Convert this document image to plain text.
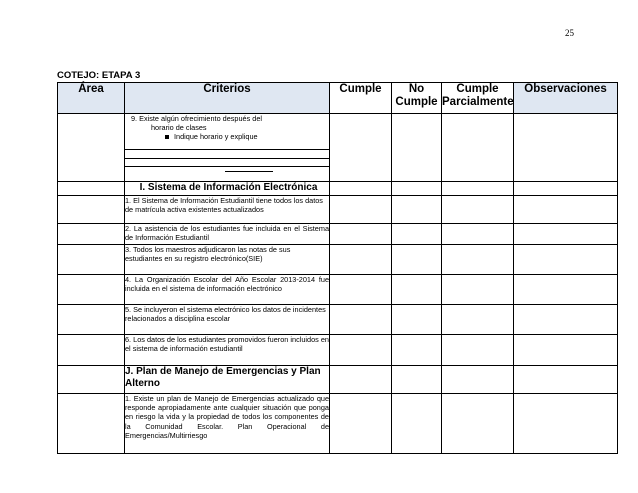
25
COTEJO: ETAPA 3
Área	Criterios	Cumple	No Cumple	Cumple Parcialmente	Observaciones

	9. Existe algún ofrecimiento después del
horario de clases
Indique horario y explique				

	I. Sistema de Información Electrónica				
	1. El Sistema de Información Estudiantil tiene todos los datos de matrícula activa existentes actualizados				
	2. La asistencia de los estudiantes fue incluida en el Sistema de Información Estudiantil				
	3. Todos los maestros adjudicaron las notas de sus estudiantes en su registro electrónico(SIE)				
	4. La Organización Escolar del Año Escolar 2013-2014 fue incluida en el sistema de información electrónico				
	5. Se incluyeron el sistema electrónico los datos de incidentes relacionados a disciplina escolar				
	6. Los datos de los estudiantes promovidos fueron incluidos en el sistema de información estudiantil				
	J. Plan de Manejo de Emergencias y Plan Alterno				
	1. Existe un plan de Manejo de Emergencias actualizado que responde apropiadamente ante cualquier situación que ponga en riesgo la vida y la propiedad de todos los componentes de la Comunidad Escolar. Plan Operacional de Emergencias/Multirriesgo				
